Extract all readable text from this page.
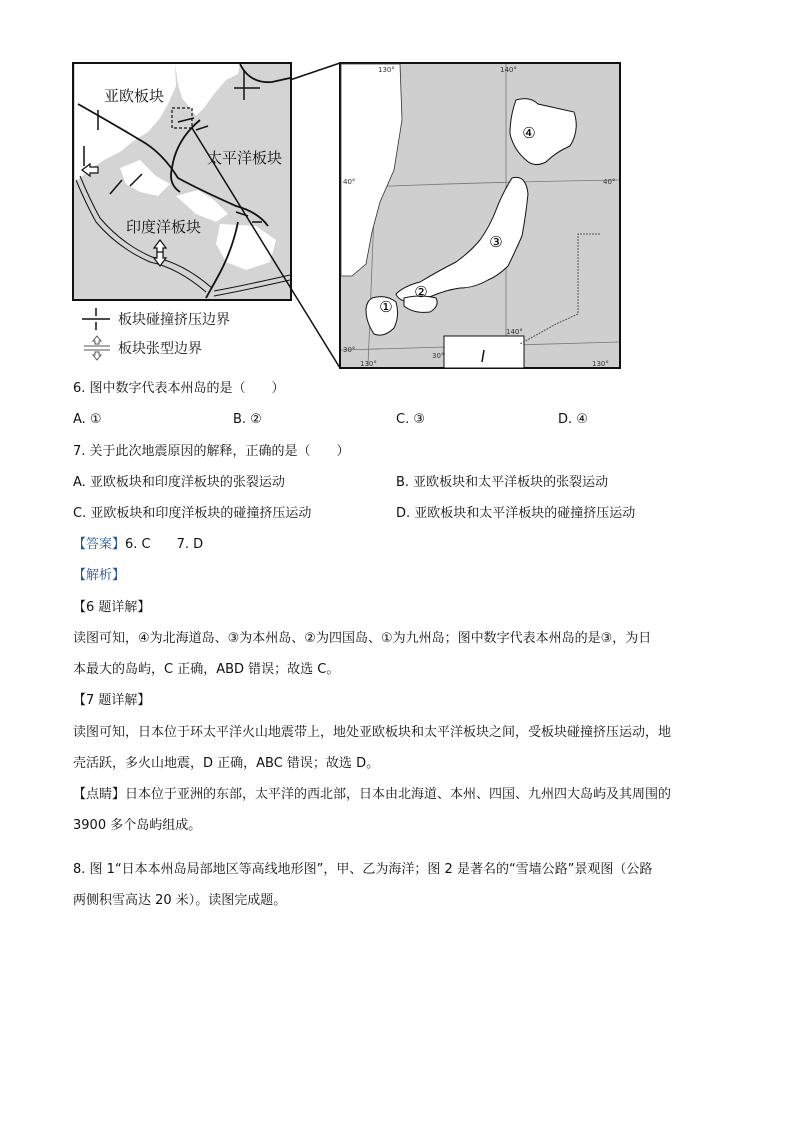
亚欧板块
太平洋板块
印度洋板块
板块碰撞挤压边界
板块张型边界
④
③
②
①
130°	140°
40°	40°
30°
30°
130°
140°
130°
6. 图中数字代表本州岛的是（　　）
A. ①	B. ②	C. ③	D. ④
7. 关于此次地震原因的解释，正确的是（　　）
A. 亚欧板块和印度洋板块的张裂运动	B. 亚欧板块和太平洋板块的张裂运动
C. 亚欧板块和印度洋板块的碰撞挤压运动	D. 亚欧板块和太平洋板块的碰撞挤压运动
【答案】6. C　　7. D
【解析】
【6 题详解】
读图可知，④为北海道岛、③为本州岛、②为四国岛、①为九州岛；图中数字代表本州岛的是③，为日
本最大的岛屿，C 正确，ABD 错误；故选 C。
【7 题详解】
读图可知，日本位于环太平洋火山地震带上，地处亚欧板块和太平洋板块之间，受板块碰撞挤压运动，地
壳活跃，多火山地震，D 正确，ABC 错误；故选 D。
【点睛】日本位于亚洲的东部，太平洋的西北部，日本由北海道、本州、四国、九州四大岛屿及其周围的
3900 多个岛屿组成。
8. 图 1“日本本州岛局部地区等高线地形图”，甲、乙为海洋；图 2 是著名的“雪墙公路”景观图（公路
两侧积雪高达 20 米）。读图完成题。
